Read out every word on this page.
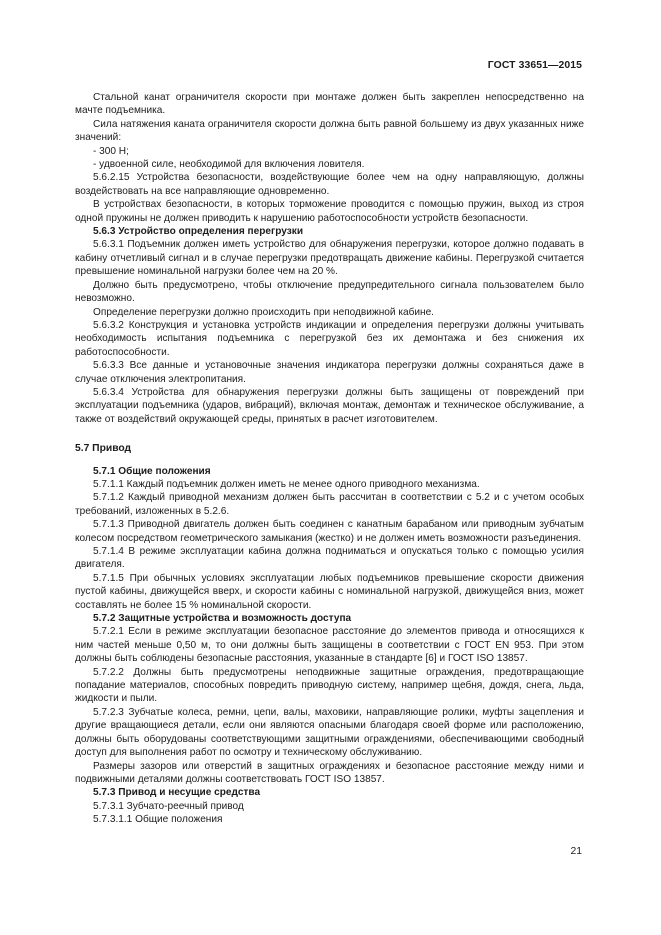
ГОСТ 33651—2015

Стальной канат ограничителя скорости при монтаже должен быть закреплен непосредственно на мачте подъемника.

Сила натяжения каната ограничителя скорости должна быть равной большему из двух указанных ниже значений:

- 300 Н;

- удвоенной силе, необходимой для включения ловителя.

5.6.2.15 Устройства безопасности, воздействующие более чем на одну направляющую, должны воздействовать на все направляющие одновременно.

В устройствах безопасности, в которых торможение проводится с помощью пружин, выход из строя одной пружины не должен приводить к нарушению работоспособности устройств безопасности.

5.6.3 Устройство определения перегрузки

5.6.3.1 Подъемник должен иметь устройство для обнаружения перегрузки, которое должно подавать в кабину отчетливый сигнал и в случае перегрузки предотвращать движение кабины. Перегрузкой считается превышение номинальной нагрузки более чем на 20 %.

Должно быть предусмотрено, чтобы отключение предупредительного сигнала пользователем было невозможно.

Определение перегрузки должно происходить при неподвижной кабине.

5.6.3.2 Конструкция и установка устройств индикации и определения перегрузки должны учитывать необходимость испытания подъемника с перегрузкой без их демонтажа и без снижения их работоспособности.

5.6.3.3 Все данные и установочные значения индикатора перегрузки должны сохраняться даже в случае отключения электропитания.

5.6.3.4 Устройства для обнаружения перегрузки должны быть защищены от повреждений при эксплуатации подъемника (ударов, вибраций), включая монтаж, демонтаж и техническое обслуживание, а также от воздействий окружающей среды, принятых в расчет изготовителем.

5.7 Привод
5.7.1 Общие положения

5.7.1.1 Каждый подъемник должен иметь не менее одного приводного механизма.

5.7.1.2 Каждый приводной механизм должен быть рассчитан в соответствии с 5.2 и с учетом особых требований, изложенных в 5.2.6.

5.7.1.3 Приводной двигатель должен быть соединен с канатным барабаном или приводным зубчатым колесом посредством геометрического замыкания (жестко) и не должен иметь возможности разъединения.

5.7.1.4 В режиме эксплуатации кабина должна подниматься и опускаться только с помощью усилия двигателя.

5.7.1.5 При обычных условиях эксплуатации любых подъемников превышение скорости движения пустой кабины, движущейся вверх, и скорости кабины с номинальной нагрузкой, движущейся вниз, может составлять не более 15 % номинальной скорости.

5.7.2 Защитные устройства и возможность доступа

5.7.2.1 Если в режиме эксплуатации безопасное расстояние до элементов привода и относящихся к ним частей меньше 0,50 м, то они должны быть защищены в соответствии с ГОСТ EN 953. При этом должны быть соблюдены безопасные расстояния, указанные в стандарте [6] и ГОСТ ISO 13857.

5.7.2.2 Должны быть предусмотрены неподвижные защитные ограждения, предотвращающие попадание материалов, способных повредить приводную систему, например щебня, дождя, снега, льда, жидкости и пыли.

5.7.2.3 Зубчатые колеса, ремни, цепи, валы, маховики, направляющие ролики, муфты зацепления и другие вращающиеся детали, если они являются опасными благодаря своей форме или расположению, должны быть оборудованы соответствующими защитными ограждениями, обеспечивающими свободный доступ для выполнения работ по осмотру и техническому обслуживанию.

Размеры зазоров или отверстий в защитных ограждениях и безопасное расстояние между ними и подвижными деталями должны соответствовать ГОСТ ISO 13857.

5.7.3 Привод и несущие средства

5.7.3.1 Зубчато-реечный привод

5.7.3.1.1 Общие положения

21
